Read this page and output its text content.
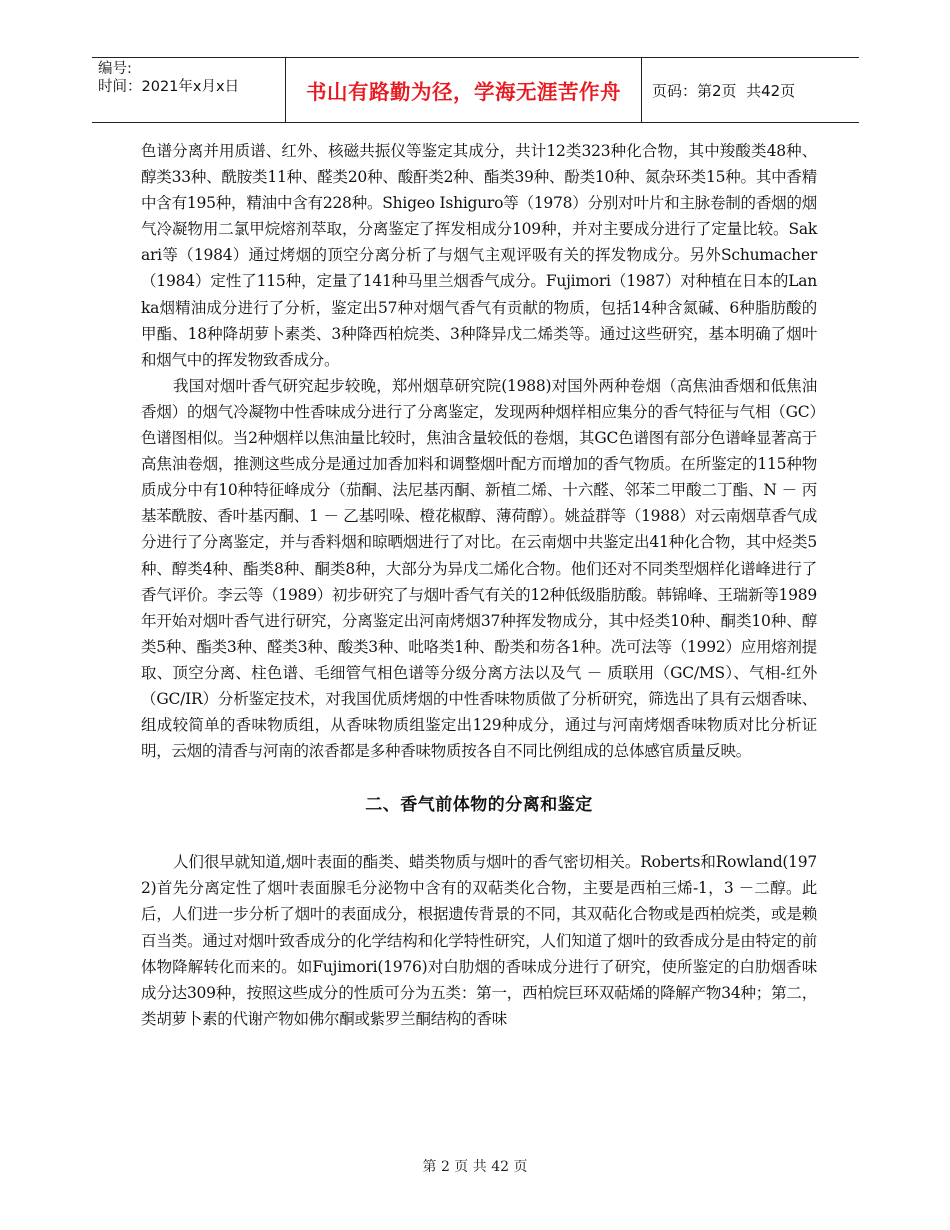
编号:
时间：2021年x月x日	书山有路勤为径，学海无涯苦作舟	页码：第2页  共42页

色谱分离并用质谱、红外、核磁共振仪等鉴定其成分，共计12类323种化合物，其中羧酸类48种、醇类33种、酰胺类11种、醛类20种、酸酐类2种、酯类39种、酚类10种、氮杂环类15种。其中香精中含有195种，精油中含有228种。Shigeo Ishiguro等（1978）分别对叶片和主脉卷制的香烟的烟气冷凝物用二氯甲烷熔剂萃取，分离鉴定了挥发相成分109种，并对主要成分进行了定量比较。Sakari等（1984）通过烤烟的顶空分离分析了与烟气主观评吸有关的挥发物成分。另外Schumacher（1984）定性了115种，定量了141种马里兰烟香气成分。Fujimori（1987）对种植在日本的Lanka烟精油成分进行了分析，鉴定出57种对烟气香气有贡献的物质，包括14种含氮碱、6种脂肪酸的甲酯、18种降胡萝卜素类、3种降西柏烷类、3种降异戊二烯类等。通过这些研究，基本明确了烟叶和烟气中的挥发物致香成分。

我国对烟叶香气研究起步较晚，郑州烟草研究院(1988)对国外两种卷烟（高焦油香烟和低焦油香烟）的烟气冷凝物中性香味成分进行了分离鉴定，发现两种烟样相应集分的香气特征与气相（GC）色谱图相似。当2种烟样以焦油量比较时，焦油含量较低的卷烟，其GC色谱图有部分色谱峰显著高于高焦油卷烟，推测这些成分是通过加香加料和调整烟叶配方而增加的香气物质。在所鉴定的115种物质成分中有10种特征峰成分（茄酮、法尼基丙酮、新植二烯、十六醛、邻苯二甲酸二丁酯、N － 丙基苯酰胺、香叶基丙酮、1 － 乙基吲哚、橙花椒醇、薄荷醇）。姚益群等（1988）对云南烟草香气成分进行了分离鉴定，并与香料烟和晾晒烟进行了对比。在云南烟中共鉴定出41种化合物，其中烃类5种、醇类4种、酯类8种、酮类8种，大部分为异戊二烯化合物。他们还对不同类型烟样化谱峰进行了香气评价。李云等（1989）初步研究了与烟叶香气有关的12种低级脂肪酸。韩锦峰、王瑞新等1989年开始对烟叶香气进行研究，分离鉴定出河南烤烟37种挥发物成分，其中烃类10种、酮类10种、醇类5种、酯类3种、醛类3种、酸类3种、吡咯类1种、酚类和芴各1种。冼可法等（1992）应用熔剂提取、顶空分离、柱色谱、毛细管气相色谱等分级分离方法以及气 － 质联用（GC/MS）、气相-红外（GC/IR）分析鉴定技术，对我国优质烤烟的中性香味物质做了分析研究，筛选出了具有云烟香味、组成较简单的香味物质组，从香味物质组鉴定出129种成分，通过与河南烤烟香味物质对比分析证明，云烟的清香与河南的浓香都是多种香味物质按各自不同比例组成的总体感官质量反映。

二、香气前体物的分离和鉴定

人们很早就知道,烟叶表面的酯类、蜡类物质与烟叶的香气密切相关。Roberts和Rowland(1972)首先分离定性了烟叶表面腺毛分泌物中含有的双萜类化合物，主要是西柏三烯-1，3 －二醇。此后，人们进一步分析了烟叶的表面成分，根据遗传背景的不同，其双萜化合物或是西柏烷类，或是赖百当类。通过对烟叶致香成分的化学结构和化学特性研究，人们知道了烟叶的致香成分是由特定的前体物降解转化而来的。如Fujimori(1976)对白肋烟的香味成分进行了研究，使所鉴定的白肋烟香味成分达309种，按照这些成分的性质可分为五类：第一，西柏烷巨环双萜烯的降解产物34种；第二，类胡萝卜素的代谢产物如佛尔酮或紫罗兰酮结构的香味

第 2 页 共 42 页
